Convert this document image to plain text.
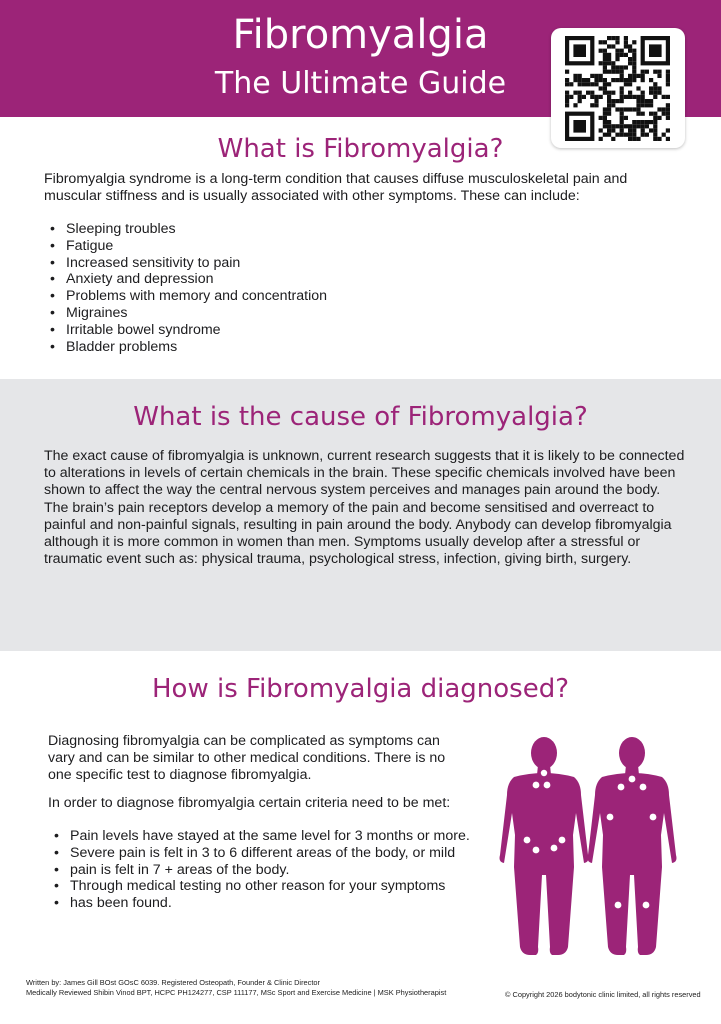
Fibromyalgia
The Ultimate Guide
What is Fibromyalgia?
Fibromyalgia syndrome is a long-term condition that causes diffuse musculoskeletal pain and
muscular stiffness and is usually associated with other symptoms. These can include:
• Sleeping troubles
• Fatigue
• Increased sensitivity to pain
• Anxiety and depression
• Problems with memory and concentration
• Migraines
• Irritable bowel syndrome
• Bladder problems
What is the cause of Fibromyalgia?
The exact cause of fibromyalgia is unknown, current research suggests that it is likely to be connected
to alterations in levels of certain chemicals in the brain. These specific chemicals involved have been
shown to affect the way the central nervous system perceives and manages pain around the body.
The brain’s pain receptors develop a memory of the pain and become sensitised and overreact to
painful and non-painful signals, resulting in pain around the body. Anybody can develop fibromyalgia
although it is more common in women than men. Symptoms usually develop after a stressful or
traumatic event such as: physical trauma, psychological stress, infection, giving birth, surgery.
How is Fibromyalgia diagnosed?
Diagnosing fibromyalgia can be complicated as symptoms can
vary and can be similar to other medical conditions. There is no
one specific test to diagnose fibromyalgia.
In order to diagnose fibromyalgia certain criteria need to be met:
• Pain levels have stayed at the same level for 3 months or more.
• Severe pain is felt in 3 to 6 different areas of the body, or mild
• pain is felt in 7 + areas of the body.
• Through medical testing no other reason for your symptoms
• has been found.
Written by: James Gill BOst GOsC 6039. Registered Osteopath, Founder & Clinic Director
Medically Reviewed Shibin Vinod BPT, HCPC PH124277, CSP 111177, MSc Sport and Exercise Medicine | MSK Physiotherapist	© Copyright 2026 bodytonic clinic limited, all rights reserved
